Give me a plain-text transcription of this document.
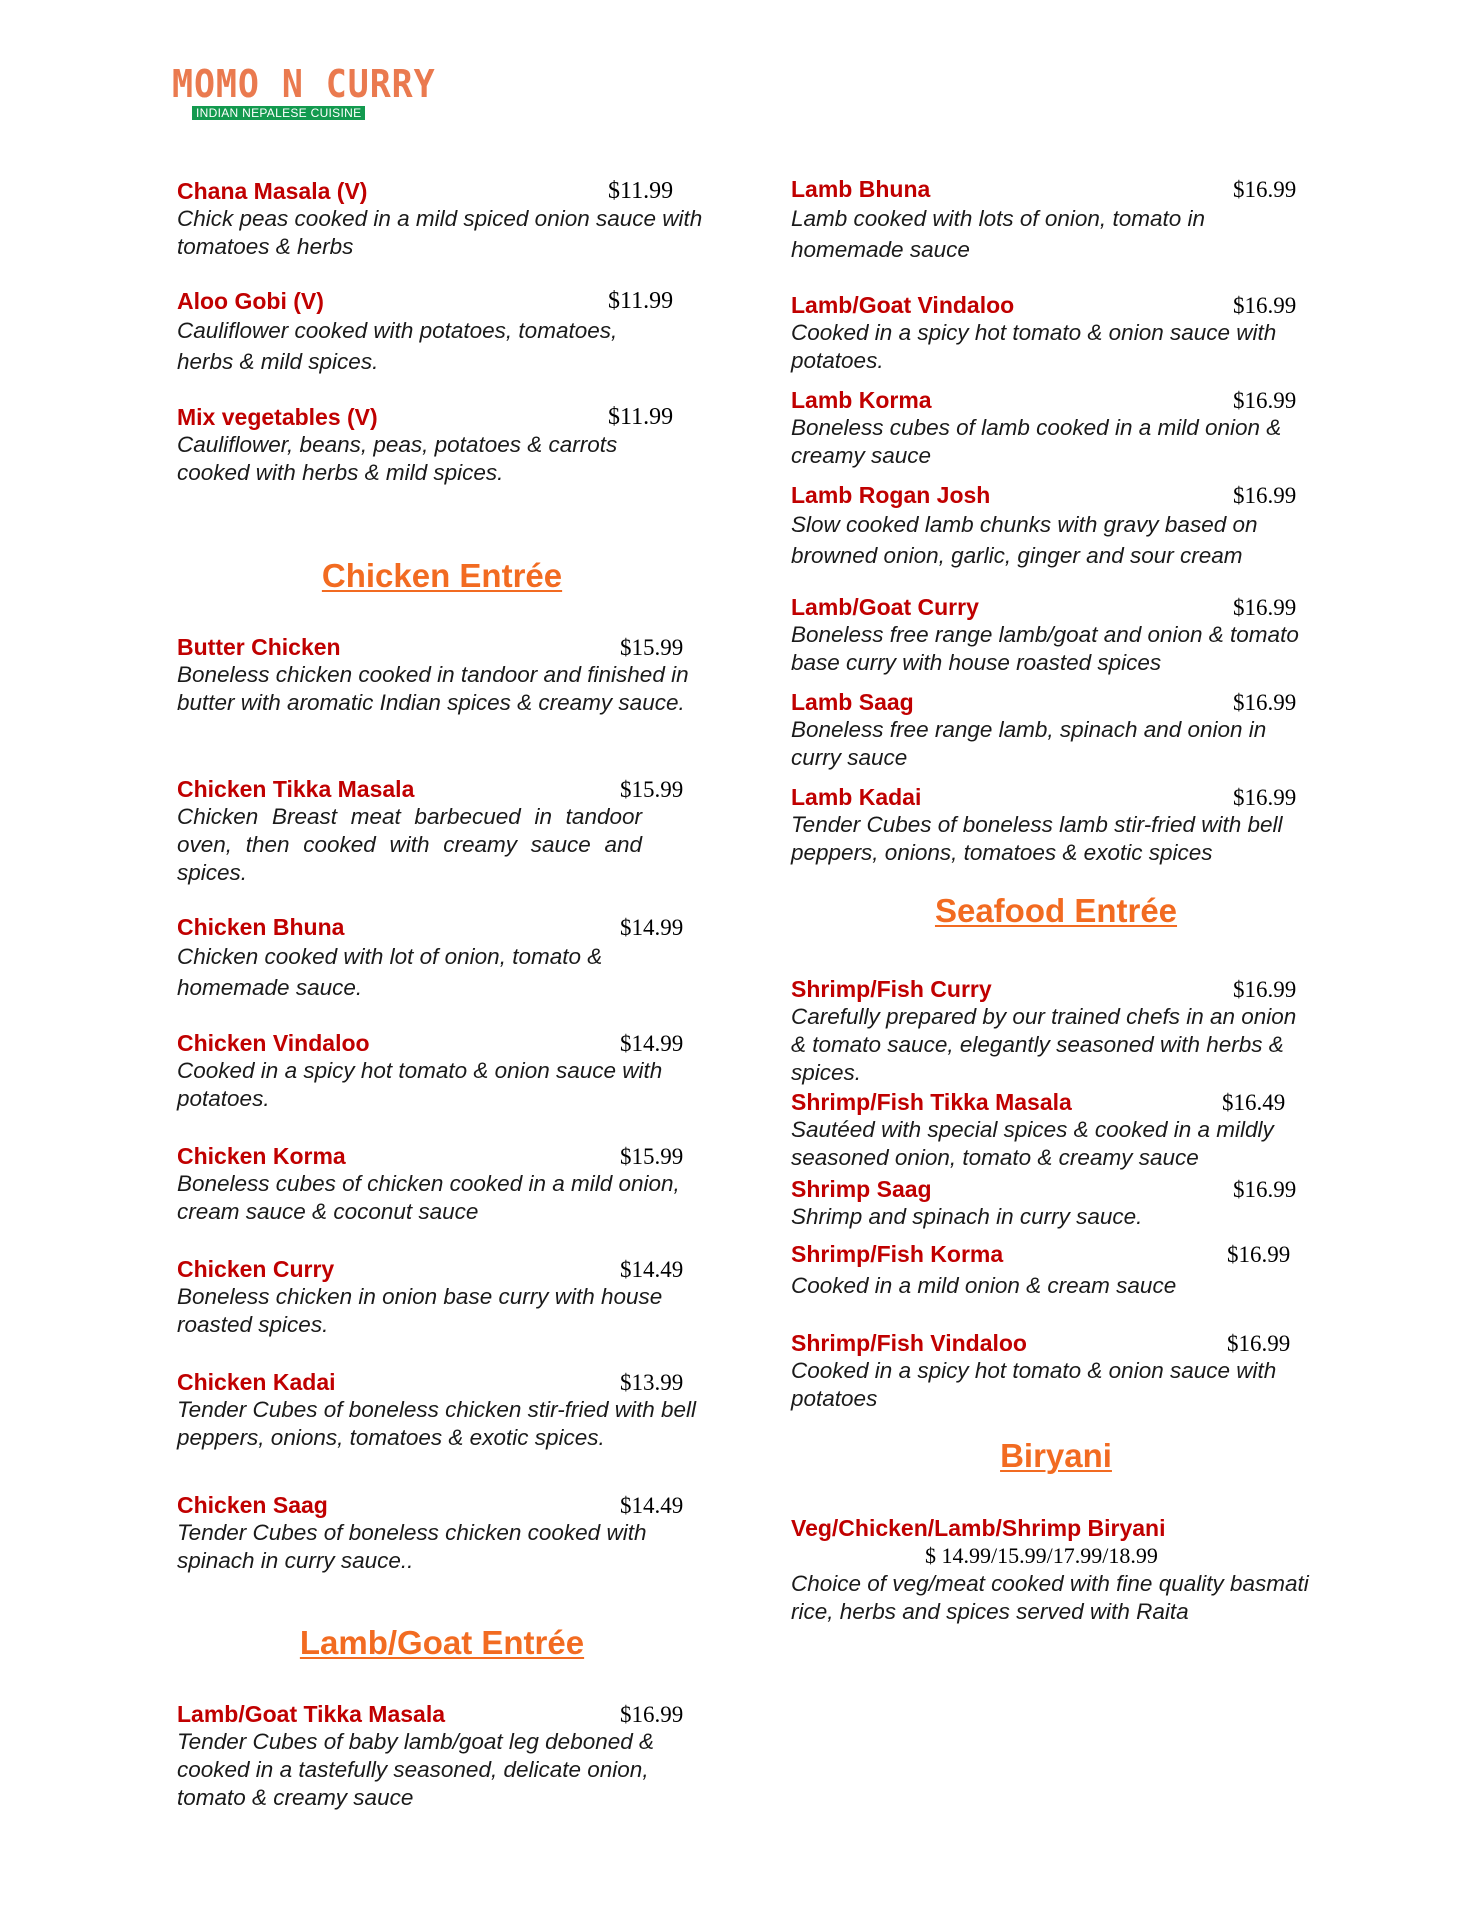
MOMO N CURRY
INDIAN NEPALESE CUISINE
Chana Masala (V)	$11.99

Chick peas cooked in a mild spiced onion sauce with tomatoes & herbs

Aloo Gobi (V)	$11.99

Cauliflower cooked with potatoes, tomatoes, herbs & mild spices.

Mix vegetables (V)	$11.99

Cauliflower, beans, peas, potatoes & carrots cooked with herbs & mild spices.

Chicken Entrée
Butter Chicken	$15.99

Boneless chicken cooked in tandoor and finished in butter with aromatic Indian spices & creamy sauce.

Chicken Tikka Masala	$15.99

Chicken Breast meat barbecued in tandoor oven, then cooked with creamy sauce and spices.

Chicken Bhuna	$14.99

Chicken cooked with lot of onion, tomato & homemade sauce.

Chicken Vindaloo	$14.99

Cooked in a spicy hot tomato & onion sauce with potatoes.

Chicken Korma	$15.99

Boneless cubes of chicken cooked in a mild onion, cream sauce & coconut sauce

Chicken Curry	$14.49

Boneless chicken in onion base curry with house roasted spices.

Chicken Kadai	$13.99

Tender Cubes of boneless chicken stir-fried with bell peppers, onions, tomatoes & exotic spices.

Chicken Saag	$14.49

Tender Cubes of boneless chicken cooked with spinach in curry sauce..

Lamb/Goat Entrée
Lamb/Goat Tikka Masala	$16.99

Tender Cubes of baby lamb/goat leg deboned & cooked in a tastefully seasoned, delicate onion, tomato & creamy sauce

Lamb Bhuna	$16.99

Lamb cooked with lots of onion, tomato in homemade sauce

Lamb/Goat Vindaloo	$16.99

Cooked in a spicy hot tomato & onion sauce with potatoes.

Lamb Korma	$16.99

Boneless cubes of lamb cooked in a mild onion & creamy sauce

Lamb Rogan Josh	$16.99

Slow cooked lamb chunks with gravy based on browned onion, garlic, ginger and sour cream

Lamb/Goat Curry	$16.99

Boneless free range lamb/goat and onion & tomato base curry with house roasted spices

Lamb Saag	$16.99

Boneless free range lamb, spinach and onion in curry sauce

Lamb Kadai	$16.99

Tender Cubes of boneless lamb stir-fried with bell peppers, onions, tomatoes & exotic spices

Seafood Entrée
Shrimp/Fish Curry	$16.99

Carefully prepared by our trained chefs in an onion & tomato sauce, elegantly seasoned with herbs & spices.

Shrimp/Fish Tikka Masala	$16.49

Sautéed with special spices & cooked in a mildly seasoned onion, tomato & creamy sauce

Shrimp Saag	$16.99

Shrimp and spinach in curry sauce.

Shrimp/Fish Korma	$16.99

Cooked in a mild onion & cream sauce

Shrimp/Fish Vindaloo	$16.99

Cooked in a spicy hot tomato & onion sauce with potatoes

Biryani
Veg/Chicken/Lamb/Shrimp Biryani
$ 14.99/15.99/17.99/18.99

Choice of veg/meat cooked with fine quality basmati rice, herbs and spices served with Raita
